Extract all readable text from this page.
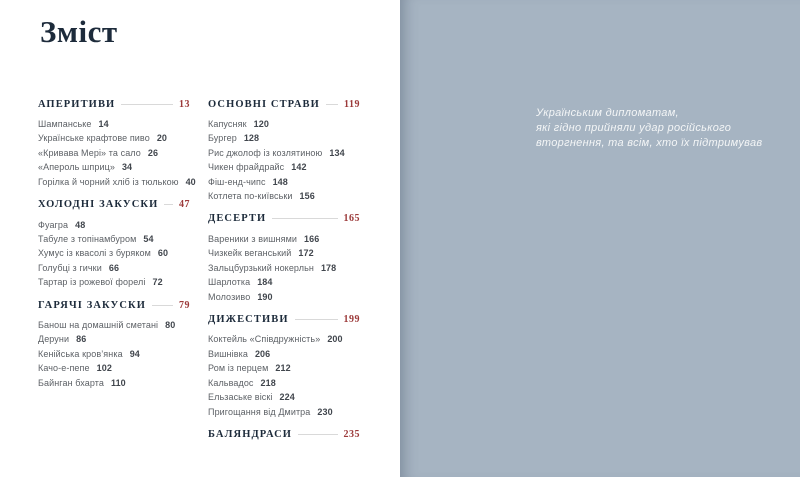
Зміст
АПЕРИТИВИ	13
Шампанське 14
Українське крафтове пиво 20
«Кривава Мері» та сало 26
«Апероль шприц» 34
Горілка й чорний хліб із тюлькою 40
ХОЛОДНІ ЗАКУСКИ 47
Фуагра 48
Табуле з топінамбуром 54
Хумус із квасолі з буряком 60
Голубці з гички 66
Тартар із рожевої форелі 72
ГАРЯЧІ ЗАКУСКИ	79
Банош на домашній сметані 80
Деруни 86
Кенійська кров’янка 94
Качо-е-пепе 102
Байнган бхарта 110
ОСНОВНІ СТРАВИ 119
Капусняк 120
Бургер 128
Рис джолоф із козлятиною 134
Чикен фрайдрайс 142
Фіш-енд-чипс 148
Котлета по-київськи 156
ДЕСЕРТИ	165
Вареники з вишнями 166
Чизкейк веганський 172
Зальцбурзький нокерльн 178
Шарлотка 184
Молозиво 190
ДИЖЕСТИВИ	199
Коктейль «Співдружність» 200
Вишнівка 206
Ром із перцем 212
Кальвадос 218
Ельзаське віскі 224
Пригощання від Дмитра 230
БАЛЯНДРАСИ	235
Українським дипломатам,
які гідно прийняли удар російського
вторгнення, та всім, хто їх підтримував
